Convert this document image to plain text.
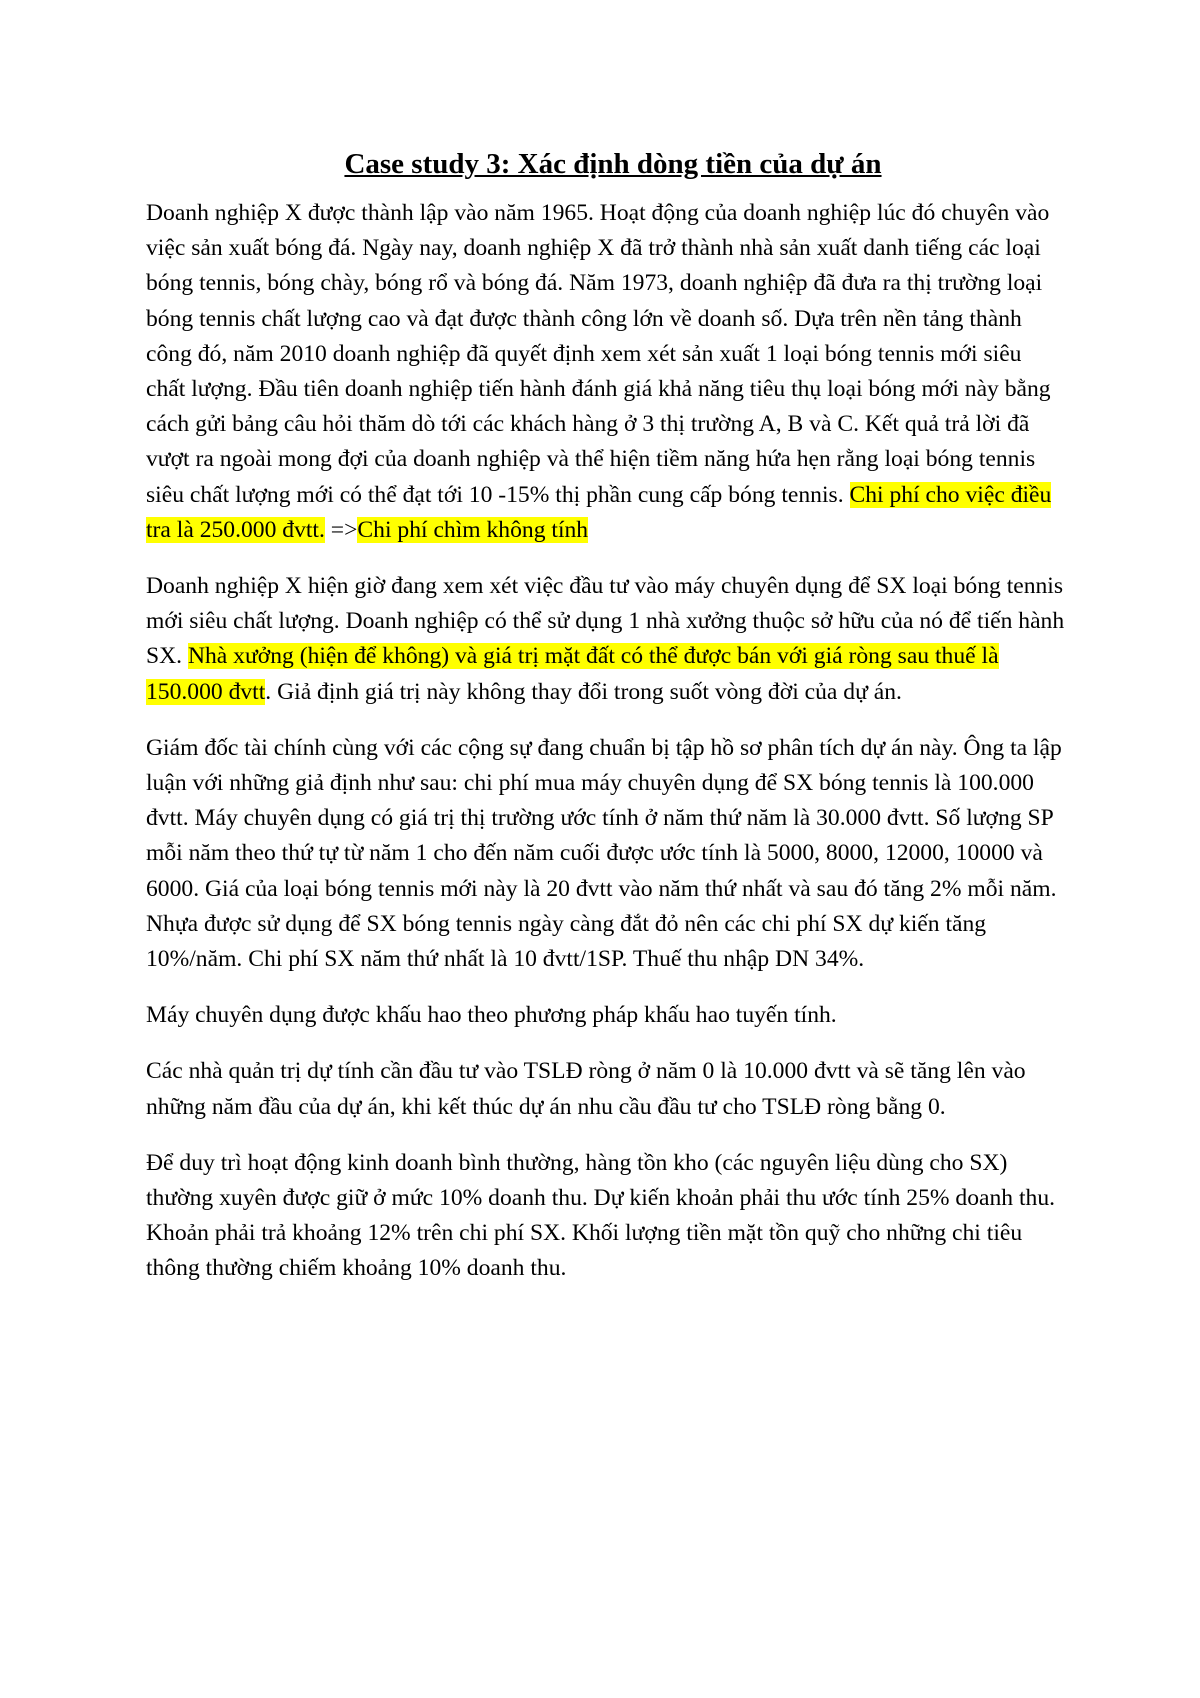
Case study 3: Xác định dòng tiền của dự án

Doanh nghiệp X được thành lập vào năm 1965. Hoạt động của doanh nghiệp lúc đó chuyên vào việc sản xuất bóng đá. Ngày nay, doanh nghiệp X đã trở thành nhà sản xuất danh tiếng các loại bóng tennis, bóng chày, bóng rổ và bóng đá. Năm 1973, doanh nghiệp đã đưa ra thị trường loại bóng tennis chất lượng cao và đạt được thành công lớn về doanh số. Dựa trên nền tảng thành công đó, năm 2010 doanh nghiệp đã quyết định xem xét sản xuất 1 loại bóng tennis mới siêu chất lượng. Đầu tiên doanh nghiệp tiến hành đánh giá khả năng tiêu thụ loại bóng mới này bằng cách gửi bảng câu hỏi thăm dò tới các khách hàng ở 3 thị trường A, B và C. Kết quả trả lời đã vượt ra ngoài mong đợi của doanh nghiệp và thể hiện tiềm năng hứa hẹn rằng loại bóng tennis siêu chất lượng mới có thể đạt tới 10 -15% thị phần cung cấp bóng tennis. Chi phí cho việc điều tra là 250.000 đvtt. =>Chi phí chìm không tính

Doanh nghiệp X hiện giờ đang xem xét việc đầu tư vào máy chuyên dụng để SX loại bóng tennis mới siêu chất lượng. Doanh nghiệp có thể sử dụng 1 nhà xưởng thuộc sở hữu của nó để tiến hành SX. Nhà xưởng (hiện để không) và giá trị mặt đất có thể được bán với giá ròng sau thuế là 150.000 đvtt. Giả định giá trị này không thay đổi trong suốt vòng đời của dự án.

Giám đốc tài chính cùng với các cộng sự đang chuẩn bị tập hồ sơ phân tích dự án này. Ông ta lập luận với những giả định như sau: chi phí mua máy chuyên dụng để SX bóng tennis là 100.000 đvtt. Máy chuyên dụng có giá trị thị trường ước tính ở năm thứ năm là 30.000 đvtt. Số lượng SP mỗi năm theo thứ tự từ năm 1 cho đến năm cuối được ước tính là 5000, 8000, 12000, 10000 và 6000. Giá của loại bóng tennis mới này là 20 đvtt vào năm thứ nhất và sau đó tăng 2% mỗi năm. Nhựa được sử dụng để SX bóng tennis ngày càng đắt đỏ nên các chi phí SX dự kiến tăng 10%/năm. Chi phí SX năm thứ nhất là 10 đvtt/1SP. Thuế thu nhập DN 34%.

Máy chuyên dụng được khấu hao theo phương pháp khấu hao tuyến tính.

Các nhà quản trị dự tính cần đầu tư vào TSLĐ ròng ở năm 0 là 10.000 đvtt và sẽ tăng lên vào những năm đầu của dự án, khi kết thúc dự án nhu cầu đầu tư cho TSLĐ ròng bằng 0.

Để duy trì hoạt động kinh doanh bình thường, hàng tồn kho (các nguyên liệu dùng cho SX) thường xuyên được giữ ở mức 10% doanh thu. Dự kiến khoản phải thu ước tính 25% doanh thu. Khoản phải trả khoảng 12% trên chi phí SX. Khối lượng tiền mặt tồn quỹ cho những chi tiêu thông thường chiếm khoảng 10% doanh thu.
